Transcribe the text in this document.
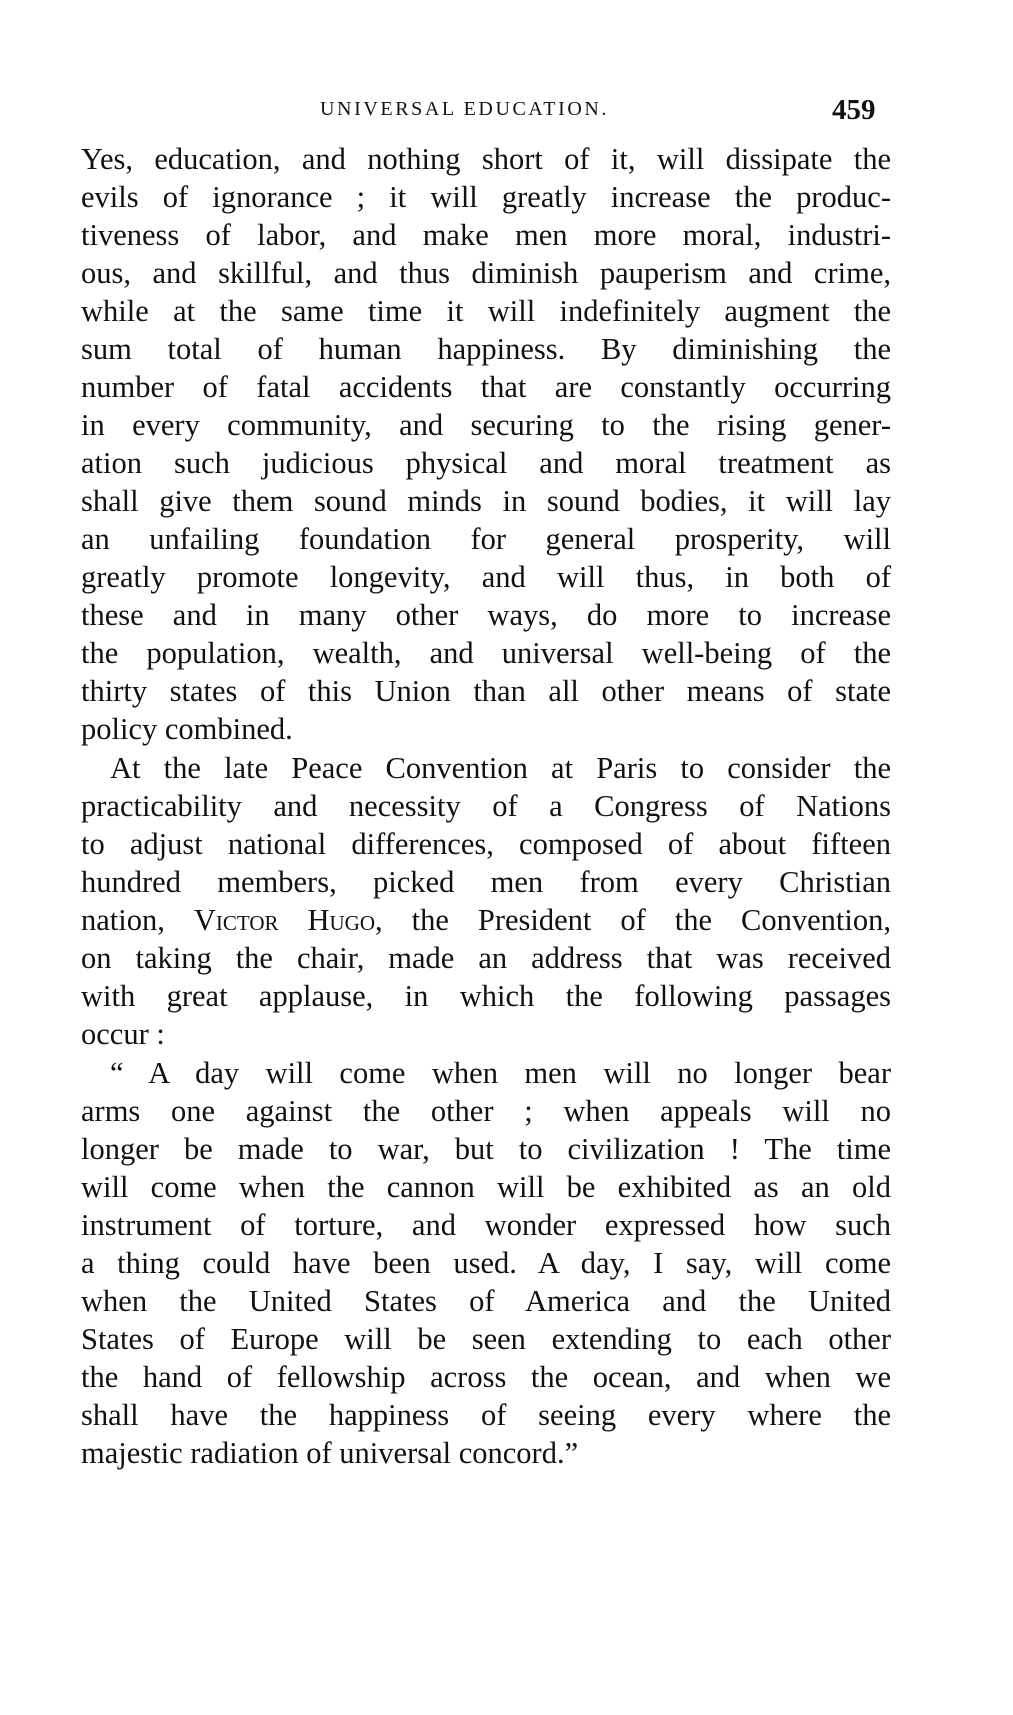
UNIVERSAL EDUCATION.	459
Yes, education, and nothing short of it, will dissipate the
evils of ignorance ; it will greatly increase the produc-
tiveness of labor, and make men more moral, industri-
ous, and skillful, and thus diminish pauperism and crime,
while at the same time it will indefinitely augment the
sum total of human happiness. By diminishing the
number of fatal accidents that are constantly occurring
in every community, and securing to the rising gener-
ation such judicious physical and moral treatment as
shall give them sound minds in sound bodies, it will lay
an unfailing foundation for general prosperity, will
greatly promote longevity, and will thus, in both of
these and in many other ways, do more to increase
the population, wealth, and universal well-being of the
thirty states of this Union than all other means of state
policy combined.
At the late Peace Convention at Paris to consider the
practicability and necessity of a Congress of Nations
to adjust national differences, composed of about fifteen
hundred members, picked men from every Christian
nation, Victor Hugo, the President of the Convention,
on taking the chair, made an address that was received
with great applause, in which the following passages
occur :
“ A day will come when men will no longer bear
arms one against the other ; when appeals will no
longer be made to war, but to civilization ! The time
will come when the cannon will be exhibited as an old
instrument of torture, and wonder expressed how such
a thing could have been used. A day, I say, will come
when the United States of America and the United
States of Europe will be seen extending to each other
the hand of fellowship across the ocean, and when we
shall have the happiness of seeing every where the
majestic radiation of universal concord.”
